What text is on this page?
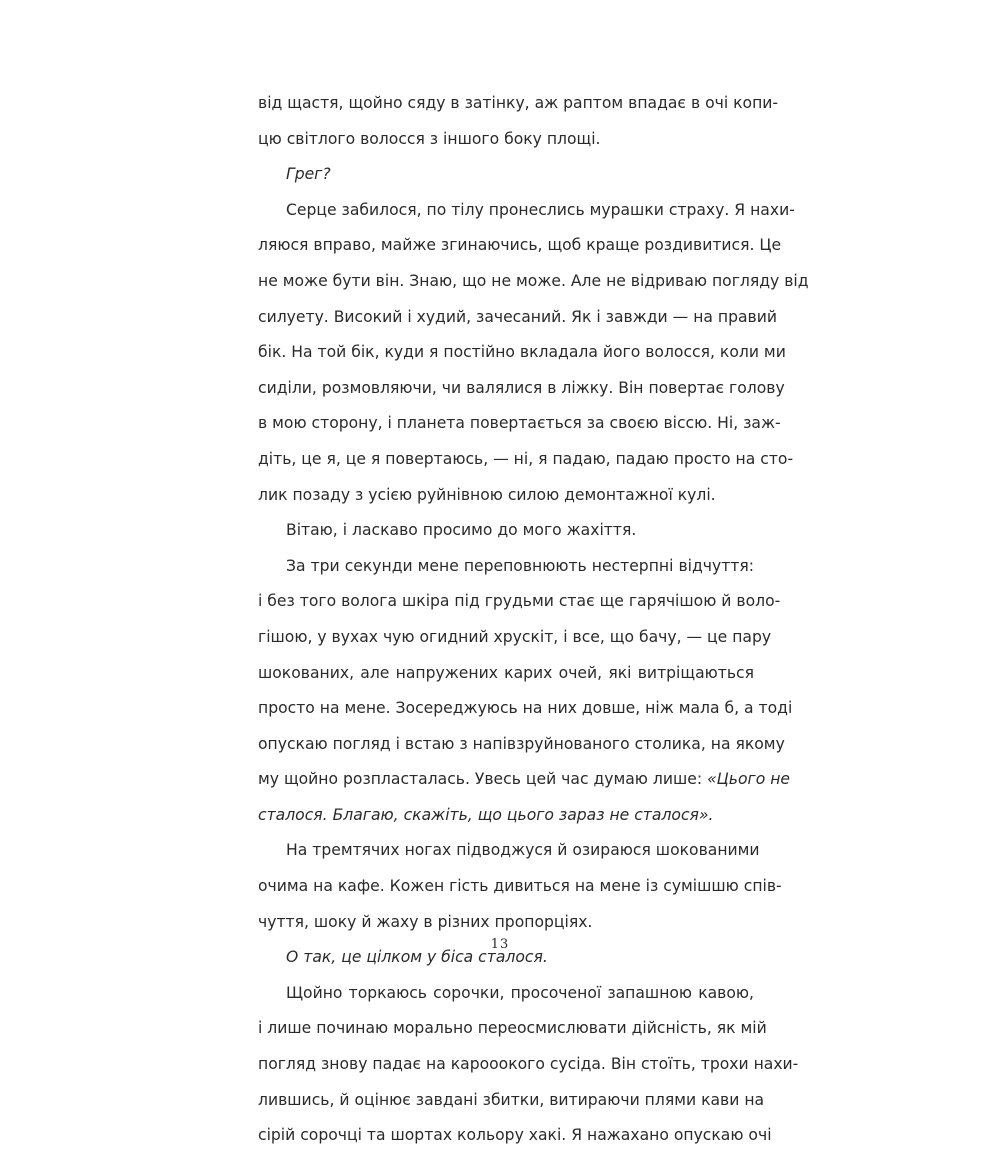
від щастя, щойно сяду в затінку, аж раптом впадає в очі копи-
цю світлого волосся з іншого боку площі.
Грег?
Серце забилося, по тілу пронеслись мурашки страху. Я нахи-
ляюся вправо, майже згинаючись, щоб краще роздивитися. Це
не може бути він. Знаю, що не може. Але не відриваю погляду від
силуету. Високий і худий, зачесаний. Як і завжди — на правий
бік. На той бік, куди я постійно вкладала його волосся, коли ми
сиділи, розмовляючи, чи валялися в ліжку. Він повертає голову
в мою сторону, і планета повертається за своєю віссю. Ні, заж-
діть, це я, це я повертаюсь, — ні, я падаю, падаю просто на сто-
лик позаду з усією руйнівною силою демонтажної кулі.
Вітаю, і ласкаво просимо до мого жахіття.
За три секунди мене переповнюють нестерпні відчуття:
і без того волога шкіра під грудьми стає ще гарячішою й воло-
гішою, у вухах чую огидний хрускіт, і все, що бачу, — це пару
шокованих, але напружених карих очей, які витріщаються
просто на мене. Зосереджуюсь на них довше, ніж мала б, а тоді
опускаю погляд і встаю з напівзруйнованого столика, на якому
му щойно розпласталась. Увесь цей час думаю лише: «Цього не
сталося. Благаю, скажіть, що цього зараз не сталося».
На тремтячих ногах підводжуся й озираюся шокованими
очима на кафе. Кожен гість дивиться на мене із сумішшю спів-
чуття, шоку й жаху в різних пропорціях.
О так, це цілком у біса сталося.
Щойно торкаюсь сорочки, просоченої запашною кавою,
і лише починаю морально переосмислювати дійсність, як мій
погляд знову падає на карооокого сусіда. Він стоїть, трохи нахи-
лившись, й оцінює завдані збитки, витираючи плями кави на
сірій сорочці та шортах кольору хакі. Я нажахано опускаю очі
13
